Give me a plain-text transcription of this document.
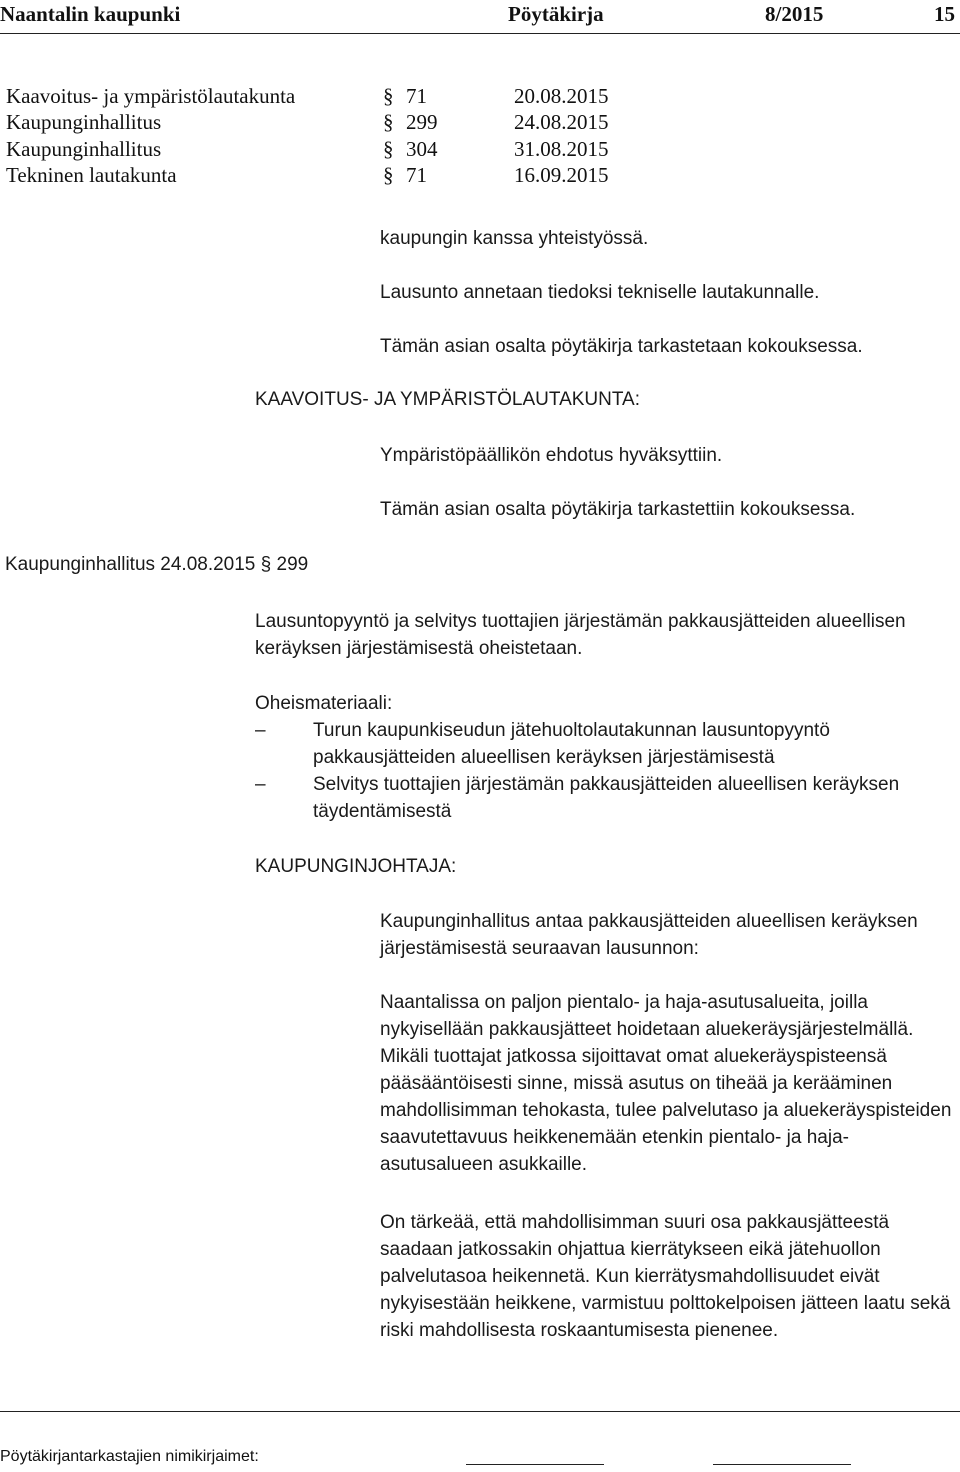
Naantalin kaupunki	Pöytäkirja	8/2015	15
Kaavoitus- ja ympäristölautakunta	§ 71	20.08.2015
Kaupunginhallitus	§ 299	24.08.2015
Kaupunginhallitus	§ 304	31.08.2015
Tekninen lautakunta	§ 71	16.09.2015
kaupungin kanssa yhteistyössä.
Lausunto annetaan tiedoksi tekniselle lautakunnalle.
Tämän asian osalta pöytäkirja tarkastetaan kokouksessa.
KAAVOITUS- JA YMPÄRISTÖLAUTAKUNTA:
Ympäristöpäällikön ehdotus hyväksyttiin.
Tämän asian osalta pöytäkirja tarkastettiin kokouksessa.
Kaupunginhallitus 24.08.2015 § 299
Lausuntopyyntö ja selvitys tuottajien järjestämän pakkausjätteiden alueellisen keräyksen järjestämisestä oheistetaan.
Oheismateriaali:
–	Turun kaupunkiseudun jätehuoltolautakunnan lausuntopyyntö pakkausjätteiden alueellisen keräyksen järjestämisestä
–	Selvitys tuottajien järjestämän pakkausjätteiden alueellisen keräyksen täydentämisestä
KAUPUNGINJOHTAJA:
Kaupunginhallitus antaa pakkausjätteiden alueellisen keräyksen järjestämisestä seuraavan lausunnon:
Naantalissa on paljon pientalo- ja haja-asutusalueita, joilla nykyisellään pakkausjätteet hoidetaan aluekeräysjärjestelmällä. Mikäli tuottajat jatkossa sijoittavat omat aluekeräyspisteensä pääsääntöisesti sinne, missä asutus on tiheää ja kerääminen mahdollisimman tehokasta, tulee palvelutaso ja aluekeräyspisteiden saavutettavuus heikkenemään etenkin pientalo- ja haja-asutusalueen asukkaille.
On tärkeää, että mahdollisimman suuri osa pakkausjätteestä saadaan jatkossakin ohjattua kierrätykseen eikä jätehuollon palvelutasoa heikennetä. Kun kierrätysmahdollisuudet eivät nykyisestään heikkene, varmistuu polttokelpoisen jätteen laatu sekä riski mahdollisesta roskaantumisesta pienenee.
Pöytäkirjantarkastajien nimikirjaimet:
